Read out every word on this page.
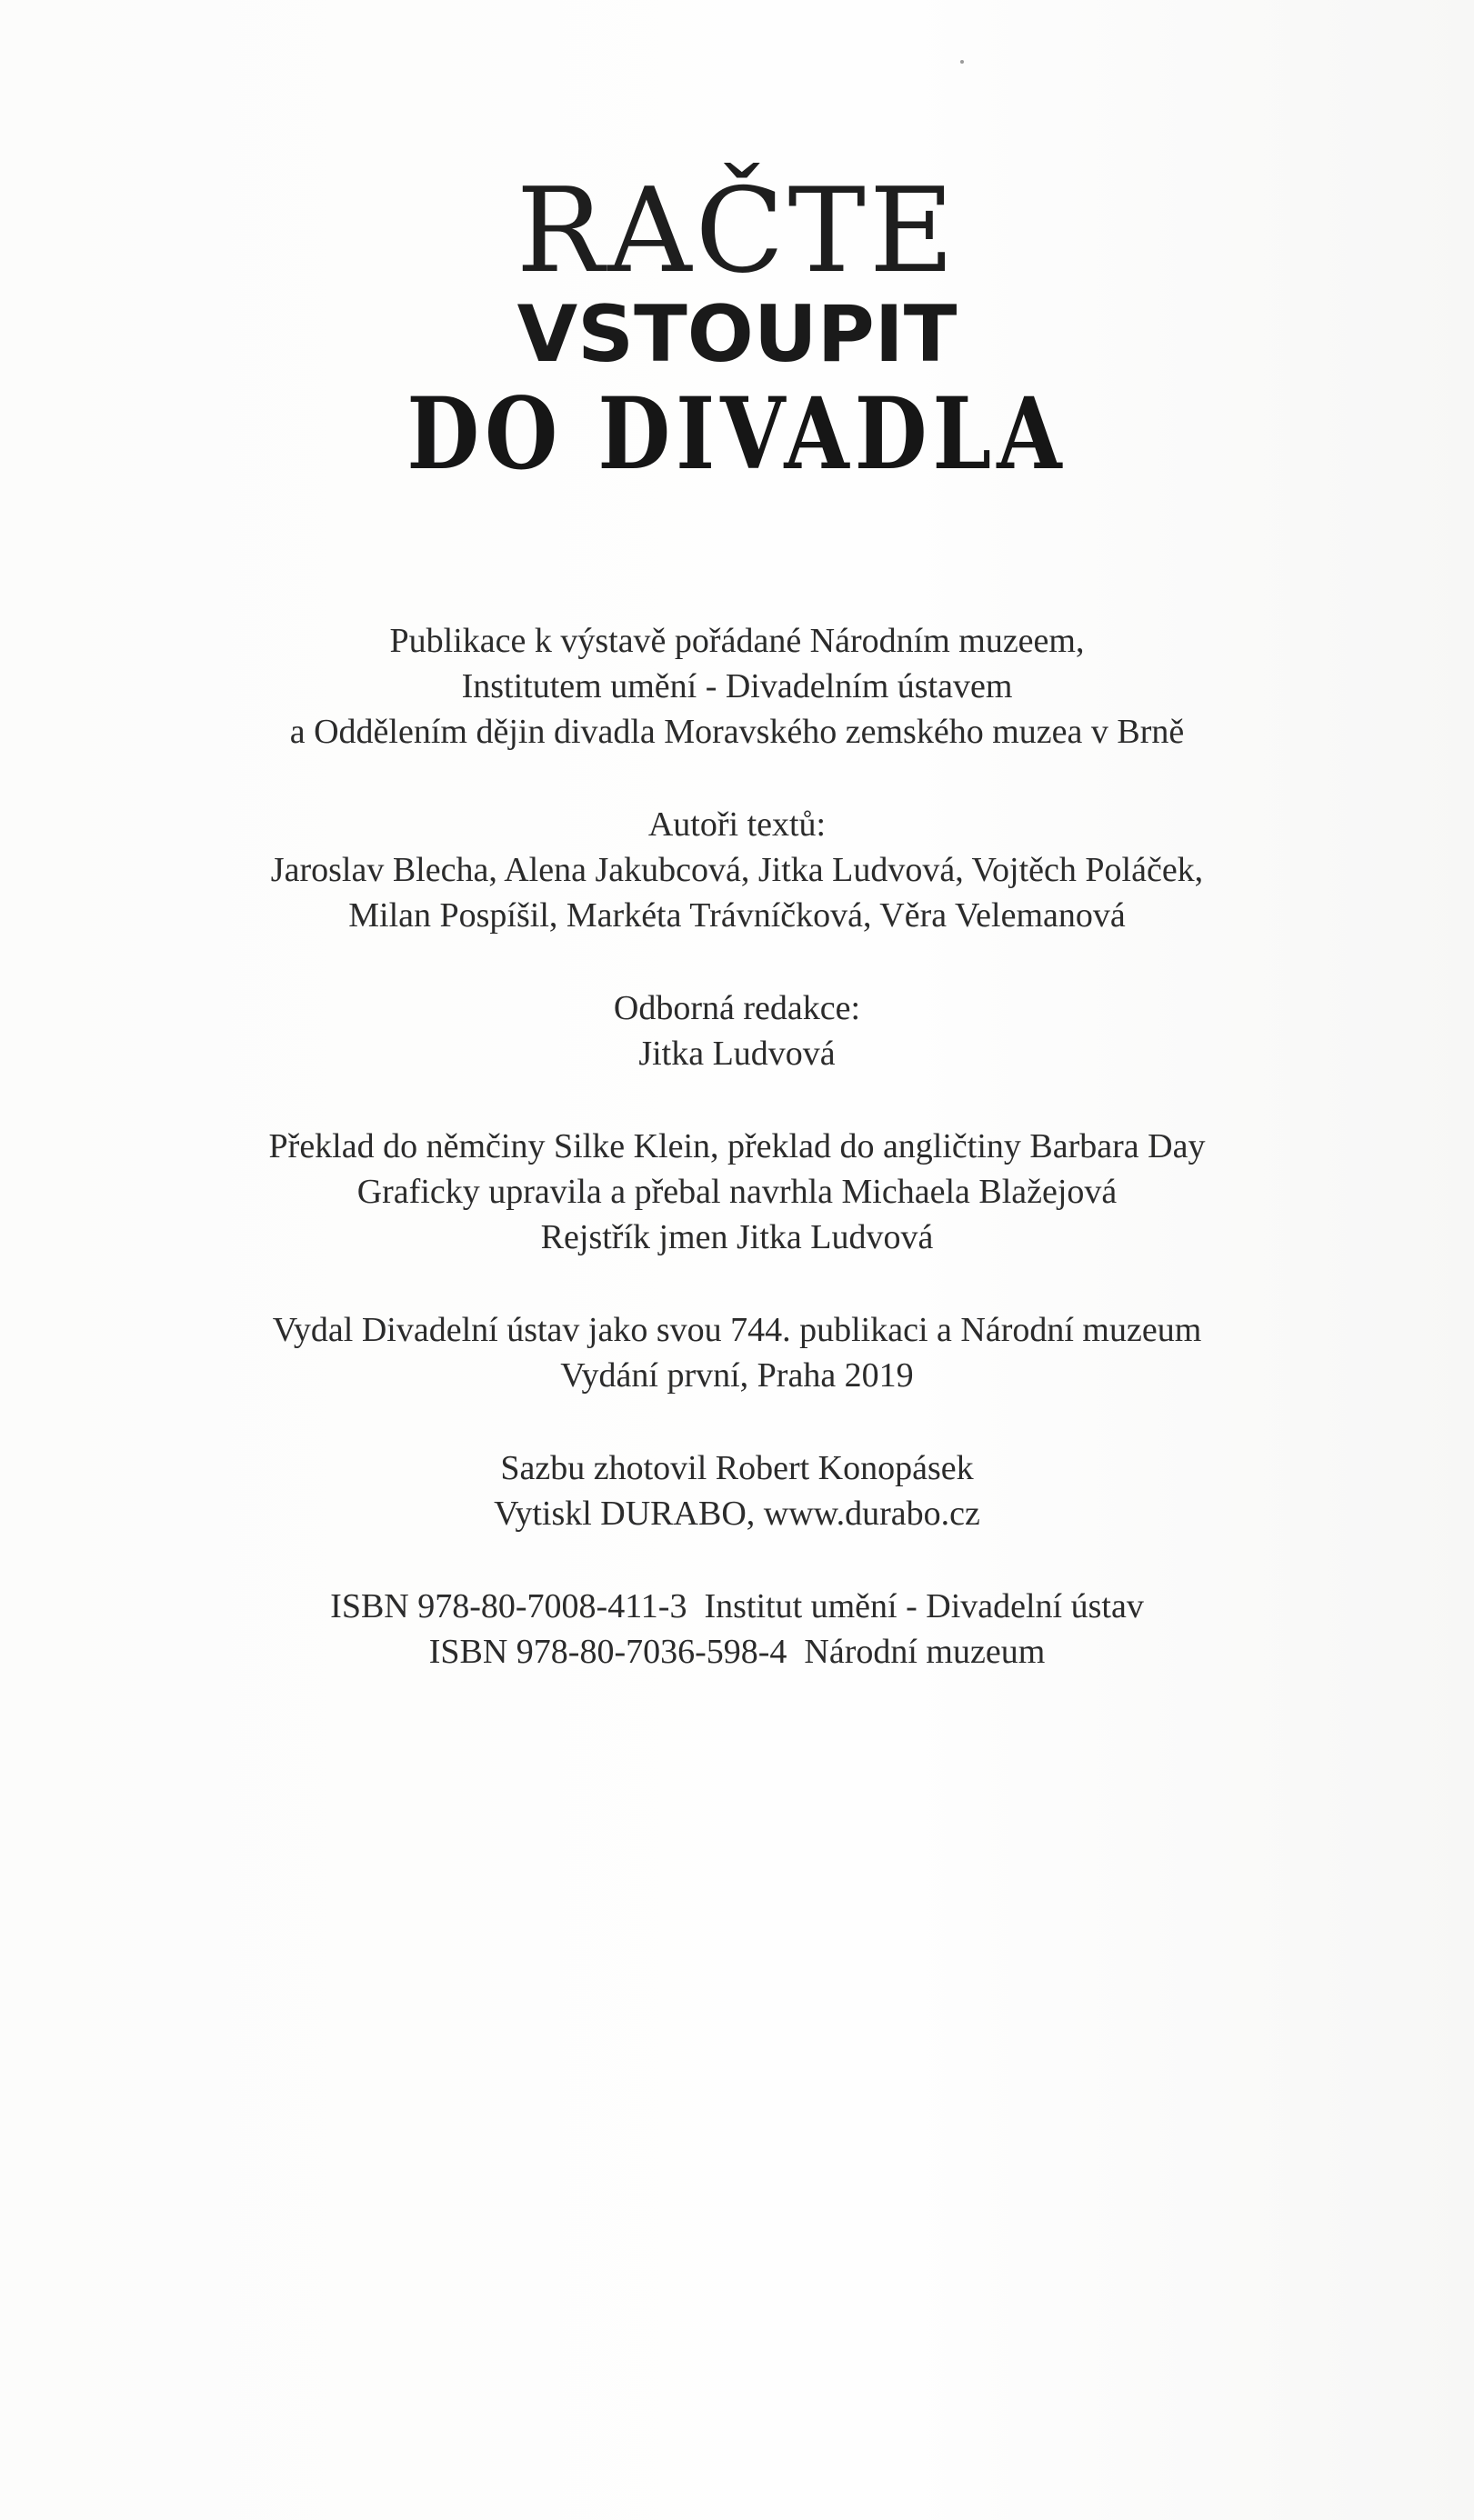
RAČTE
VSTOUPIT
DO DIVADLA
Publikace k výstavě pořádané Národním muzeem,
Institutem umění - Divadelním ústavem
a Oddělením dějin divadla Moravského zemského muzea v Brně
Autoři textů:
Jaroslav Blecha, Alena Jakubcová, Jitka Ludvová, Vojtěch Poláček,
Milan Pospíšil, Markéta Trávníčková, Věra Velemanová
Odborná redakce:
Jitka Ludvová
Překlad do němčiny Silke Klein, překlad do angličtiny Barbara Day
Graficky upravila a přebal navrhla Michaela Blažejová
Rejstřík jmen Jitka Ludvová
Vydal Divadelní ústav jako svou 744. publikaci a Národní muzeum
Vydání první, Praha 2019
Sazbu zhotovil Robert Konopásek
Vytiskl DURABO, www.durabo.cz
ISBN 978-80-7008-411-3  Institut umění - Divadelní ústav
ISBN 978-80-7036-598-4  Národní muzeum
